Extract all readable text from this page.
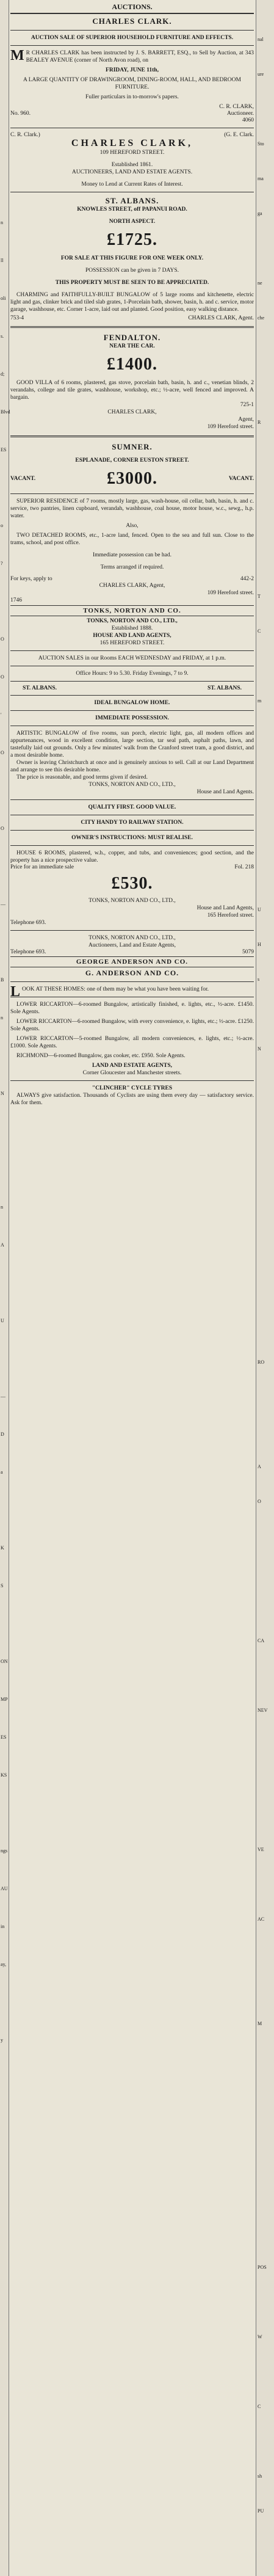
n
ll
oli
s.
d;
Blvd
ES
o
?
O
O
'
O
O
—
B
n
N
n
A
U
—
D
a
K
S
ON
MP
ES
KS
ngs
AU
in
ay,
y
nal
ure
Sto
ma
ga
ne
che
R
T
C
m
U
H
s
N
RO
A
O
CA
NEV
VE
AC
M
POS
W
C
sh
PU
AUCTIONS.
CHARLES CLARK.
AUCTION SALE OF SUPERIOR HOUSEHOLD FURNITURE AND EFFECTS.
M R CHARLES CLARK has been instructed by J. S. BARRETT, ESQ., to Sell by Auction, at 343 BEALEY AVENUE (corner of North Avon road), on
FRIDAY, JUNE 11th,
A LARGE QUANTITY OF DRAWINGROOM, DINING-ROOM, HALL, AND BEDROOM FURNITURE.
Fuller particulars in to-morrow's papers.
C. R. CLARK,
No. 960.	Auctioneer.
4060
C. R. Clark.)	(G. E. Clark.
CHARLES CLARK,
109 HEREFORD STREET.
Established 1861.
AUCTIONEERS, LAND AND ESTATE AGENTS.
Money to Lend at Current Rates of Interest.
ST. ALBANS.
KNOWLES STREET, off PAPANUI ROAD.
NORTH ASPECT.
£1725.
FOR SALE AT THIS FIGURE FOR ONE WEEK ONLY.
POSSESSION can be given in 7 DAYS.
THIS PROPERTY MUST BE SEEN TO BE APPRECIATED.
CHARMING and FAITHFULLY-BUILT BUNGALOW of 5 large rooms and kitchenette, electric light and gas, clinker brick and tiled slab grates, 1-Porcelain bath, shower, basin, h. and c. service, motor garage, washhouse, etc. Corner 1-acre, laid out and planted. Good position, easy walking distance.
753-4	CHARLES CLARK, Agent.
FENDALTON.
NEAR THE CAR.
£1400.
GOOD VILLA of 6 rooms, plastered, gas stove, porcelain bath, basin, h. and c., venetian blinds, 2 verandahs, college and tile grates, washhouse, workshop, etc.; ½-acre, well fenced and improved. A bargain.
725-1
CHARLES CLARK,
Agent,
109 Hereford street.
SUMNER.
ESPLANADE, CORNER EUSTON STREET.
VACANT.	£3000.	VACANT.
SUPERIOR RESIDENCE of 7 rooms, mostly large, gas, wash-house, oil cellar, bath, basin, h. and c. service, two pantries, linen cupboard, verandah, washhouse, coal house, motor house, w.c., sewg., h.p. water.
Also,
TWO DETACHED ROOMS, etc., 1-acre land, fenced. Open to the sea and full sun. Close to the trams, school, and post office.
Immediate possession can be had.
Terms arranged if required.
For keys, apply to	442-2
CHARLES CLARK, Agent,
109 Hereford street.
1746
TONKS, NORTON AND CO.
TONKS, NORTON AND CO., LTD.,
Established 1888.
HOUSE AND LAND AGENTS,
165 HEREFORD STREET.
AUCTION SALES in our Rooms EACH WEDNESDAY and FRIDAY, at 1 p.m.
Office Hours: 9 to 5.30. Friday Evenings, 7 to 9.
ST. ALBANS.	ST. ALBANS.
IDEAL BUNGALOW HOME.
IMMEDIATE POSSESSION.
ARTISTIC BUNGALOW of five rooms, sun porch, electric light, gas, all modern offices and appurtenances, wood in excellent condition, large section, tar seal path, asphalt paths, lawn, and tastefully laid out grounds. Only a few minutes' walk from the Cranford street tram, a good district, and a most desirable home.
Owner is leaving Christchurch at once and is genuinely anxious to sell. Call at our Land Department and arrange to see this desirable home.
The price is reasonable, and good terms given if desired.
TONKS, NORTON AND CO., LTD.,
House and Land Agents.
QUALITY FIRST. GOOD VALUE.
CITY HANDY TO RAILWAY STATION.
OWNER'S INSTRUCTIONS: MUST REALISE.
HOUSE 6 ROOMS, plastered, w.h., copper, and tubs, and conveniences; good section, and the property has a nice prospective value.
Price for an immediate sale	Fol. 218
£530.
TONKS, NORTON AND CO., LTD.,
House and Land Agents,
165 Hereford street.
Telephone 693.
TONKS, NORTON AND CO., LTD.,
Auctioneers, Land and Estate Agents,
Telephone 693.	5079
GEORGE ANDERSON AND CO.
G. ANDERSON AND CO.
LOOK AT THESE HOMES: one of them may be what you have been waiting for.
LOWER RICCARTON—6-roomed Bungalow, artistically finished, e. lights, etc., ½-acre. £1450. Sole Agents.
LOWER RICCARTON—6-roomed Bungalow, with every convenience, e. lights, etc.; ½-acre. £1250. Sole Agents.
LOWER RICCARTON—5-roomed Bungalow, all modern conveniences, e. lights, etc.; ½-acre. £1000. Sole Agents.
RICHMOND—6-roomed Bungalow, gas cooker, etc. £950. Sole Agents.
LAND AND ESTATE AGENTS,
Corner Gloucester and Manchester streets.
"CLINCHER" CYCLE TYRES
ALWAYS give satisfaction. Thousands of Cyclists are using them every day — satisfactory service. Ask for them.
